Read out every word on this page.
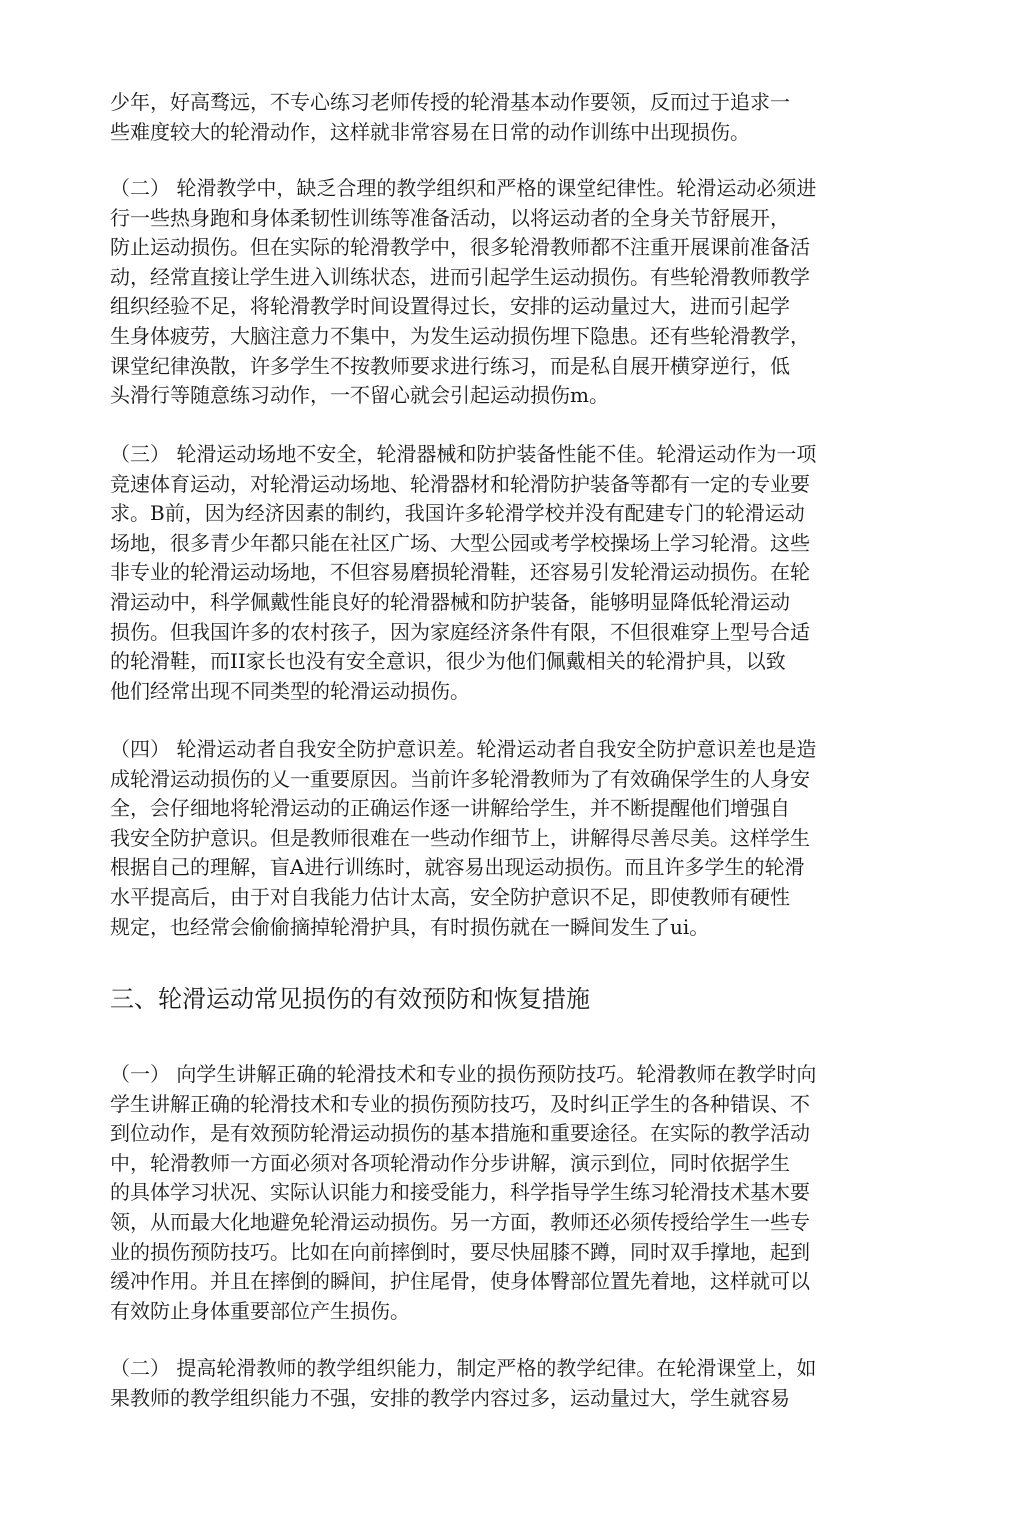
少年，好高骛远，不专心练习老师传授的轮滑基本动作要领，反而过于追求一
些难度较大的轮滑动作，这样就非常容易在日常的动作训练中出现损伤。
（二） 轮滑教学中，缺乏合理的教学组织和严格的课堂纪律性。轮滑运动必须进
行一些热身跑和身体柔韧性训练等准备活动，以将运动者的全身关节舒展开，
防止运动损伤。但在实际的轮滑教学中，很多轮滑教师都不注重开展课前准备活
动，经常直接让学生进入训练状态，进而引起学生运动损伤。有些轮滑教师教学
组织经验不足，将轮滑教学时间设置得过长，安排的运动量过大，进而引起学
生身体疲劳，大脑注意力不集中，为发生运动损伤埋下隐患。还有些轮滑教学，
课堂纪律涣散，许多学生不按教师要求进行练习，而是私自展开横穿逆行，低
头滑行等随意练习动作，一不留心就会引起运动损伤m。
（三） 轮滑运动场地不安全，轮滑器械和防护装备性能不佳。轮滑运动作为一项
竞速体育运动，对轮滑运动场地、轮滑器材和轮滑防护装备等都有一定的专业要
求。B前，因为经济因素的制约，我国许多轮滑学校并没有配建专门的轮滑运动
场地，很多青少年都只能在社区广场、大型公园或考学校操场上学习轮滑。这些
非专业的轮滑运动场地，不但容易磨损轮滑鞋，还容易引发轮滑运动损伤。在轮
滑运动中，科学佩戴性能良好的轮滑器械和防护装备，能够明显降低轮滑运动
损伤。但我国许多的农村孩子，因为家庭经济条件有限，不但很难穿上型号合适
的轮滑鞋，而II家长也没有安全意识，很少为他们佩戴相关的轮滑护具，以致
他们经常出现不同类型的轮滑运动损伤。
（四） 轮滑运动者自我安全防护意识差。轮滑运动者自我安全防护意识差也是造
成轮滑运动损伤的乂一重要原因。当前许多轮滑教师为了有效确保学生的人身安
全，会仔细地将轮滑运动的正确运作逐一讲解给学生，并不断提醒他们增强自
我安全防护意识。但是教师很难在一些动作细节上，讲解得尽善尽美。这样学生
根据自己的理解，盲A进行训练时，就容易出现运动损伤。而且许多学生的轮滑
水平提高后，由于对自我能力估计太高，安全防护意识不足，即使教师有硬性
规定，也经常会偷偷摘掉轮滑护具，有时损伤就在一瞬间发生了ui。
三、轮滑运动常见损伤的有效预防和恢复措施
（一） 向学生讲解正确的轮滑技术和专业的损伤预防技巧。轮滑教师在教学时向
学生讲解正确的轮滑技术和专业的损伤预防技巧，及时纠正学生的各种错误、不
到位动作，是有效预防轮滑运动损伤的基本措施和重要途径。在实际的教学活动
中，轮滑教师一方面必须对各项轮滑动作分步讲解，演示到位，同时依据学生
的具体学习状况、实际认识能力和接受能力，科学指导学生练习轮滑技术基木要
领，从而最大化地避免轮滑运动损伤。另一方面，教师还必须传授给学生一些专
业的损伤预防技巧。比如在向前摔倒时，要尽快屈膝不蹲，同时双手撑地，起到
缓冲作用。并且在摔倒的瞬间，护住尾骨，使身体臀部位置先着地，这样就可以
有效防止身体重要部位产生损伤。
（二） 提高轮滑教师的教学组织能力，制定严格的教学纪律。在轮滑课堂上，如
果教师的教学组织能力不强，安排的教学内容过多，运动量过大，学生就容易
